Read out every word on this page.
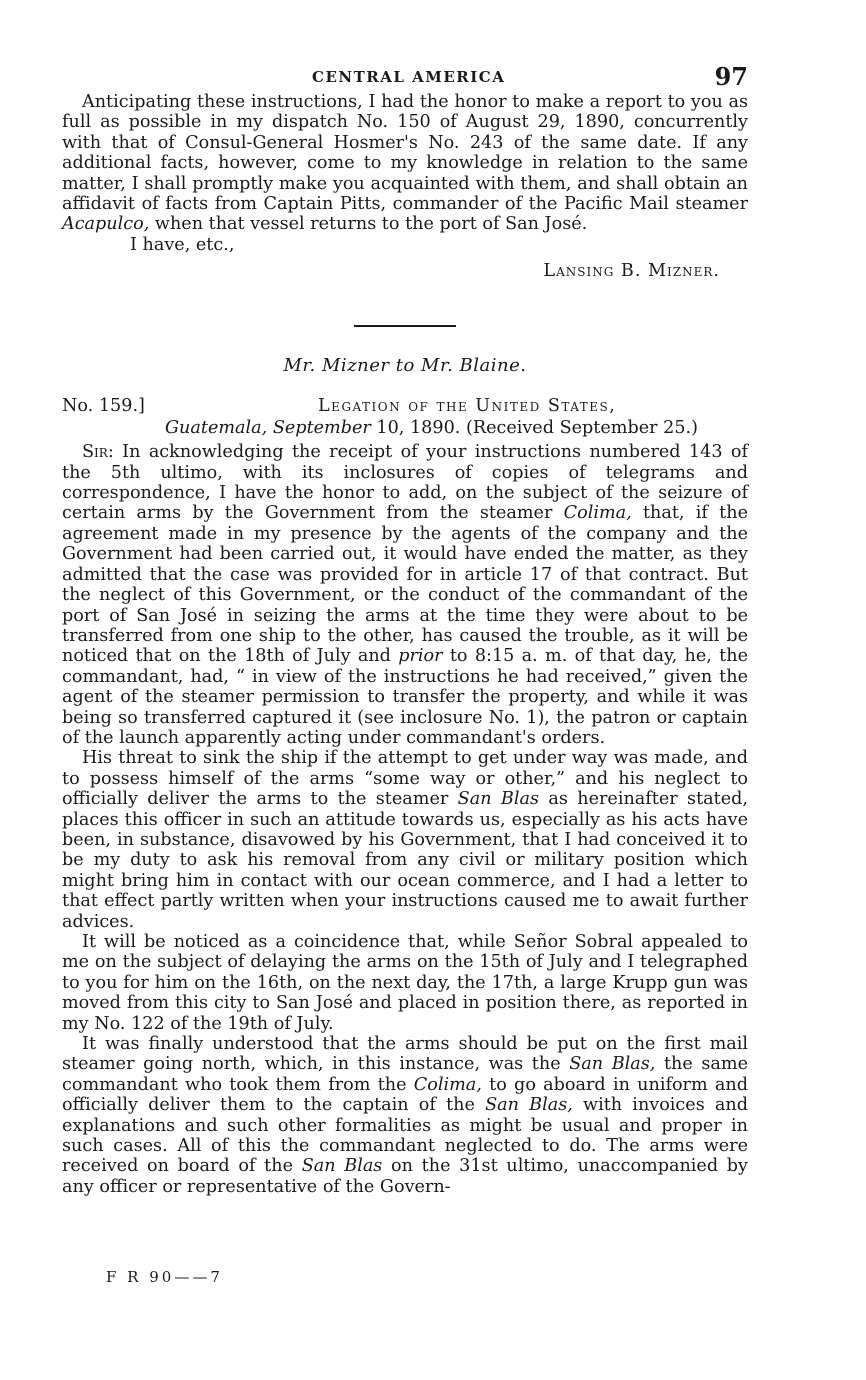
CENTRAL AMERICA	97

Anticipating these instructions, I had the honor to make a report to you as full as possible in my dispatch No. 150 of August 29, 1890, concurrently with that of Consul-General Hosmer's No. 243 of the same date. If any additional facts, however, come to my knowledge in relation to the same matter, I shall promptly make you acquainted with them, and shall obtain an affidavit of facts from Captain Pitts, commander of the Pacific Mail steamer Acapulco, when that vessel returns to the port of San José.

I have, etc.,

Lansing B. Mizner.
Mr. Mizner to Mr. Blaine.
No. 159.]	Legation of the United States,
Guatemala, September 10, 1890. (Received September 25.)

Sir: In acknowledging the receipt of your instructions numbered 143 of the 5th ultimo, with its inclosures of copies of telegrams and correspondence, I have the honor to add, on the subject of the seizure of certain arms by the Government from the steamer Colima, that, if the agreement made in my presence by the agents of the company and the Government had been carried out, it would have ended the matter, as they admitted that the case was provided for in article 17 of that contract. But the neglect of this Government, or the conduct of the commandant of the port of San José in seizing the arms at the time they were about to be transferred from one ship to the other, has caused the trouble, as it will be noticed that on the 18th of July and prior to 8:15 a. m. of that day, he, the commandant, had, “ in view of the instructions he had received,” given the agent of the steamer permission to transfer the property, and while it was being so transferred captured it (see inclosure No. 1), the patron or captain of the launch apparently acting under commandant's orders.

His threat to sink the ship if the attempt to get under way was made, and to possess himself of the arms “some way or other,” and his neglect to officially deliver the arms to the steamer San Blas as hereinafter stated, places this officer in such an attitude towards us, especially as his acts have been, in substance, disavowed by his Government, that I had conceived it to be my duty to ask his removal from any civil or military position which might bring him in contact with our ocean commerce, and I had a letter to that effect partly written when your instructions caused me to await further advices.

It will be noticed as a coincidence that, while Señor Sobral appealed to me on the subject of delaying the arms on the 15th of July and I telegraphed to you for him on the 16th, on the next day, the 17th, a large Krupp gun was moved from this city to San José and placed in position there, as reported in my No. 122 of the 19th of July.

It was finally understood that the arms should be put on the first mail steamer going north, which, in this instance, was the San Blas, the same commandant who took them from the Colima, to go aboard in uniform and officially deliver them to the captain of the San Blas, with invoices and explanations and such other formalities as might be usual and proper in such cases. All of this the commandant neglected to do. The arms were received on board of the San Blas on the 31st ultimo, unaccompanied by any officer or representative of the Govern-

F R 90——7
